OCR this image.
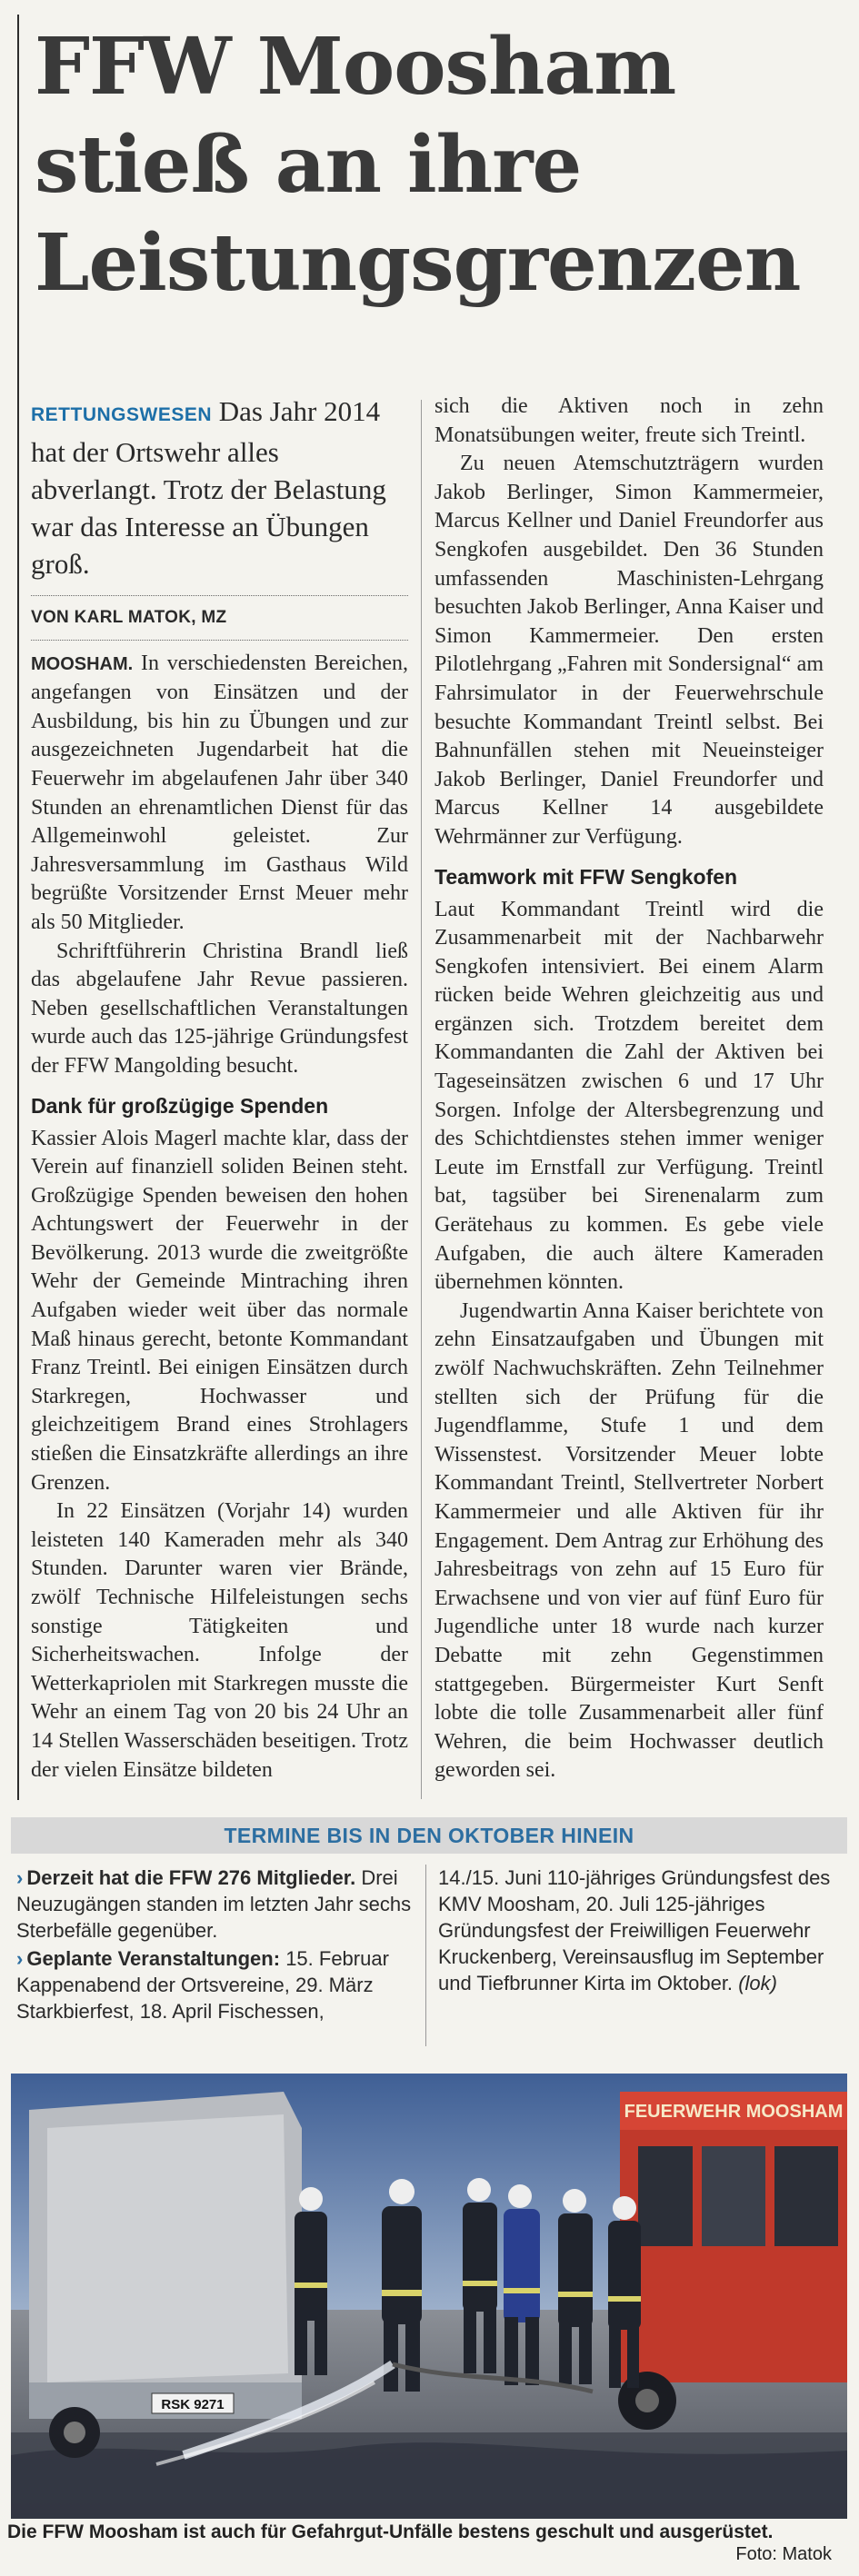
FFW Moosham
stieß an ihre
Leistungsgrenzen
RETTUNGSWESEN Das Jahr 2014 hat der Ortswehr alles abverlangt. Trotz der Belastung war das Interesse an Übungen groß.
VON KARL MATOK, MZ

MOOSHAM. In verschiedensten Bereichen, angefangen von Einsätzen und der Ausbildung, bis hin zu Übungen und zur ausgezeichneten Jugendarbeit hat die Feuerwehr im abgelaufenen Jahr über 340 Stunden an ehrenamtlichen Dienst für das Allgemeinwohl geleistet. Zur Jahresversammlung im Gasthaus Wild begrüßte Vorsitzender Ernst Meuer mehr als 50 Mitglieder.

Schriftführerin Christina Brandl ließ das abgelaufene Jahr Revue passieren. Neben gesellschaftlichen Veranstaltungen wurde auch das 125-jährige Gründungsfest der FFW Mangolding besucht.

Dank für großzügige Spenden

Kassier Alois Magerl machte klar, dass der Verein auf finanziell soliden Beinen steht. Großzügige Spenden beweisen den hohen Achtungswert der Feuerwehr in der Bevölkerung. 2013 wurde die zweitgrößte Wehr der Gemeinde Mintraching ihren Aufgaben wieder weit über das normale Maß hinaus gerecht, betonte Kommandant Franz Treintl. Bei einigen Einsätzen durch Starkregen, Hochwasser und gleichzeitigem Brand eines Strohlagers stießen die Einsatzkräfte allerdings an ihre Grenzen.

In 22 Einsätzen (Vorjahr 14) wurden leisteten 140 Kameraden mehr als 340 Stunden. Darunter waren vier Brände, zwölf Technische Hilfeleistungen sechs sonstige Tätigkeiten und Sicherheitswachen. Infolge der Wetterkapriolen mit Starkregen musste die Wehr an einem Tag von 20 bis 24 Uhr an 14 Stellen Wasserschäden beseitigen. Trotz der vielen Einsätze bildeten

sich die Aktiven noch in zehn Monatsübungen weiter, freute sich Treintl.

Zu neuen Atemschutzträgern wurden Jakob Berlinger, Simon Kammermeier, Marcus Kellner und Daniel Freundorfer aus Sengkofen ausgebildet. Den 36 Stunden umfassenden Maschinisten-Lehrgang besuchten Jakob Berlinger, Anna Kaiser und Simon Kammermeier. Den ersten Pilotlehrgang „Fahren mit Sondersignal“ am Fahrsimulator in der Feuerwehrschule besuchte Kommandant Treintl selbst. Bei Bahnunfällen stehen mit Neueinsteiger Jakob Berlinger, Daniel Freundorfer und Marcus Kellner 14 ausgebildete Wehrmänner zur Verfügung.

Teamwork mit FFW Sengkofen

Laut Kommandant Treintl wird die Zusammenarbeit mit der Nachbarwehr Sengkofen intensiviert. Bei einem Alarm rücken beide Wehren gleichzeitig aus und ergänzen sich. Trotzdem bereitet dem Kommandanten die Zahl der Aktiven bei Tageseinsätzen zwischen 6 und 17 Uhr Sorgen. Infolge der Altersbegrenzung und des Schichtdienstes stehen immer weniger Leute im Ernstfall zur Verfügung. Treintl bat, tagsüber bei Sirenenalarm zum Gerätehaus zu kommen. Es gebe viele Aufgaben, die auch ältere Kameraden übernehmen könnten.

Jugendwartin Anna Kaiser berichtete von zehn Einsatzaufgaben und Übungen mit zwölf Nachwuchskräften. Zehn Teilnehmer stellten sich der Prüfung für die Jugendflamme, Stufe 1 und dem Wissenstest. Vorsitzender Meuer lobte Kommandant Treintl, Stellvertreter Norbert Kammermeier und alle Aktiven für ihr Engagement. Dem Antrag zur Erhöhung des Jahresbeitrags von zehn auf 15 Euro für Erwachsene und von vier auf fünf Euro für Jugendliche unter 18 wurde nach kurzer Debatte mit zehn Gegenstimmen stattgegeben. Bürgermeister Kurt Senft lobte die tolle Zusammenarbeit aller fünf Wehren, die beim Hochwasser deutlich geworden sei.

TERMINE BIS IN DEN OKTOBER HINEIN
› Derzeit hat die FFW 276 Mitglieder. Drei Neuzugängen standen im letzten Jahr sechs Sterbefälle gegenüber.
› Geplante Veranstaltungen: 15. Februar Kappenabend der Ortsvereine, 29. März Starkbierfest, 18. April Fischessen,
14./15. Juni 110-jähriges Gründungsfest des KMV Moosham, 20. Juli 125-jähriges Gründungsfest der Freiwilligen Feuerwehr Kruckenberg, Vereinsausflug im September und Tiefbrunner Kirta im Oktober. (lok)
RSK 9271
FEUERWEHR MOOSHAM
Die FFW Moosham ist auch für Gefahrgut-Unfälle bestens geschult und ausgerüstet.
Foto: Matok
